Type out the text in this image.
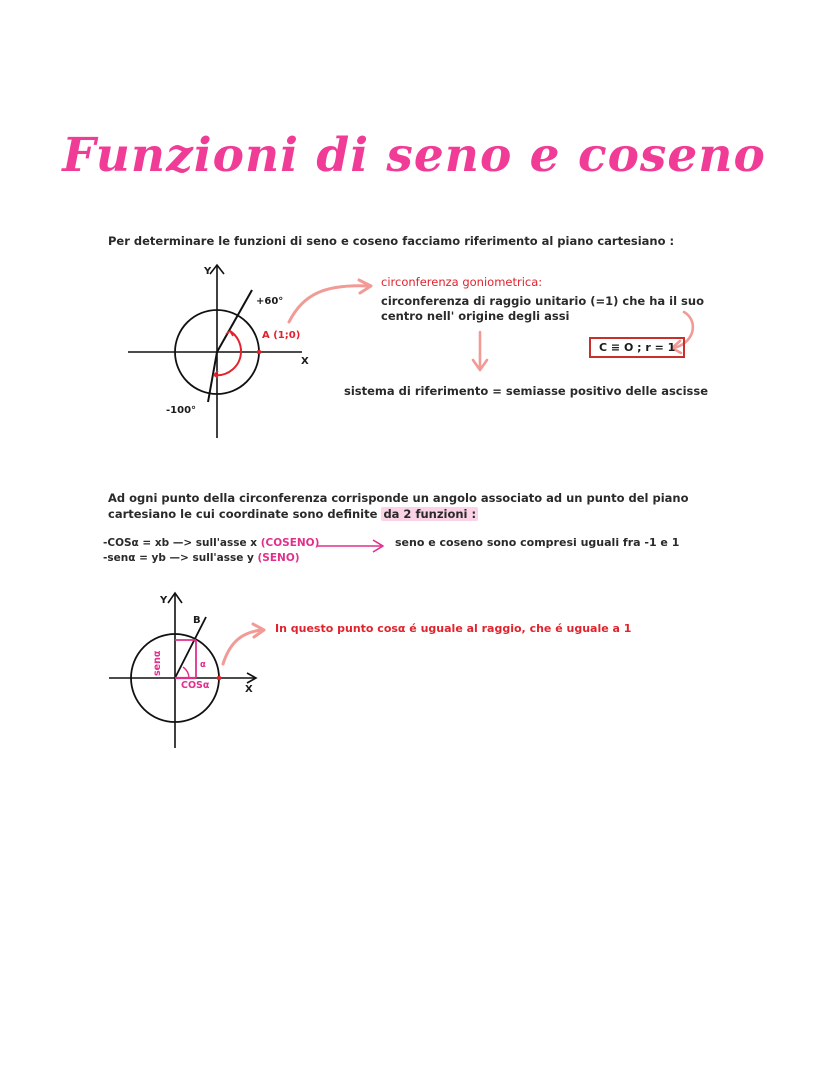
Funzioni di seno e coseno
Per determinare le funzioni di seno e coseno facciamo riferimento al piano cartesiano :
Y
X
+60°
-100°
A (1;0)
circonferenza goniometrica:
circonferenza di raggio unitario (=1) che ha il suo
centro nell' origine degli assi
C ≡ O ; r = 1
sistema di riferimento = semiasse positivo delle ascisse
Ad ogni punto della circonferenza corrisponde un angolo associato ad un punto del piano
cartesiano le cui coordinate sono definite da 2 funzioni :
-COSα = xb —> sull'asse x (COSENO)
-senα = yb —> sull'asse y (SENO)
seno e coseno sono compresi uguali fra -1 e 1
Y
X
B
senα
COSα
α
In questo punto cosα é uguale al raggio, che é uguale a 1
